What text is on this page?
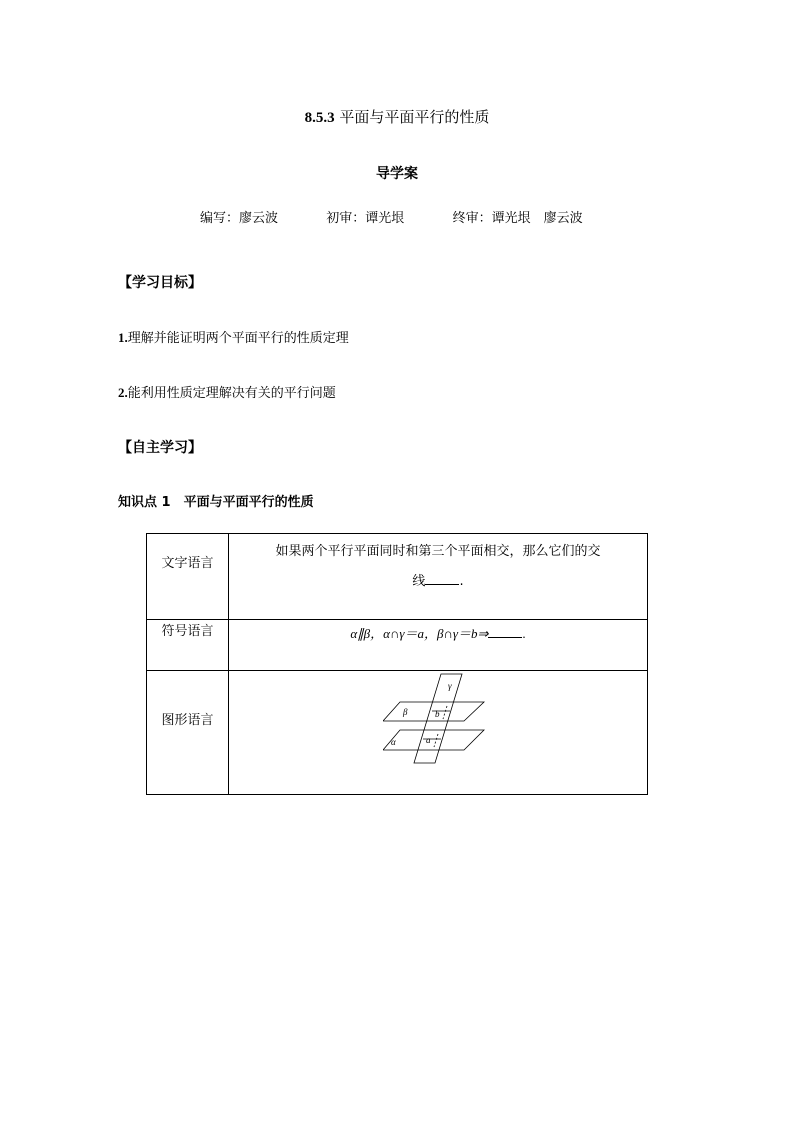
8.5.3 平面与平面平行的性质
导学案
编写：廖云波	初审：谭光垠	终审：谭光垠　廖云波
【学习目标】
1.理解并能证明两个平面平行的性质定理
2.能利用性质定理解决有关的平行问题
【自主学习】
知识点 1　平面与平面平行的性质
文字语言	如果两个平行平面同时和第三个平面相交，那么它们的交
线 .

符号语言	α∥β，α∩γ＝a，β∩γ＝b⇒ .

图形语言	β
α
γ
b
a
